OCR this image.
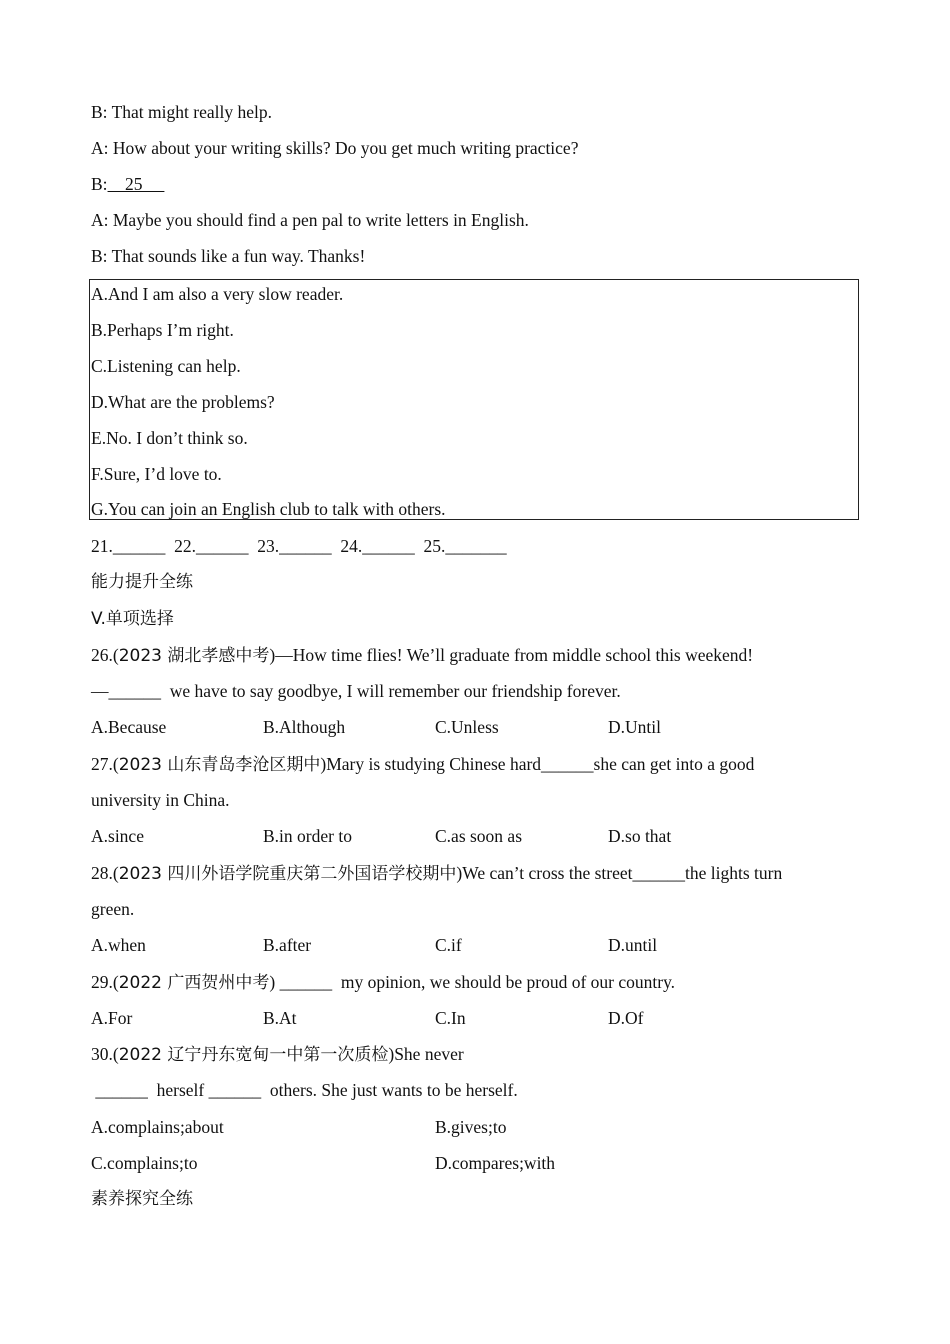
B: That might really help.
A: How about your writing skills? Do you get much writing practice?
B:    25
A: Maybe you should find a pen pal to write letters in English.
B: That sounds like a fun way. Thanks!
A.And I am also a very slow reader.
B.Perhaps I’m right.
C.Listening can help.
D.What are the problems?
E.No. I don’t think so.
F.Sure, I’d love to.
G.You can join an English club to talk with others.
21.______  22.______  23.______  24.______  25._______
能力提升全练
V.单项选择
26.(2023 湖北孝感中考)—How time flies! We’ll graduate from middle school this weekend!
—______  we have to say goodbye, I will remember our friendship forever.
A.Because	B.Although	C.Unless	D.Until
27.(2023 山东青岛李沧区期中)Mary is studying Chinese hard______she can get into a good
university in China.
A.since	B.in order to	C.as soon as	D.so that
28.(2023 四川外语学院重庆第二外国语学校期中)We can’t cross the street______the lights turn
green.
A.when	B.after	C.if	D.until
29.(2022 广西贺州中考) ______  my opinion, we should be proud of our country.
A.For	B.At	C.In	D.Of
30.(2022 辽宁丹东宽甸一中第一次质检)She never
______  herself ______  others. She just wants to be herself.
A.complains;about	B.gives;to
C.complains;to	D.compares;with
素养探究全练
